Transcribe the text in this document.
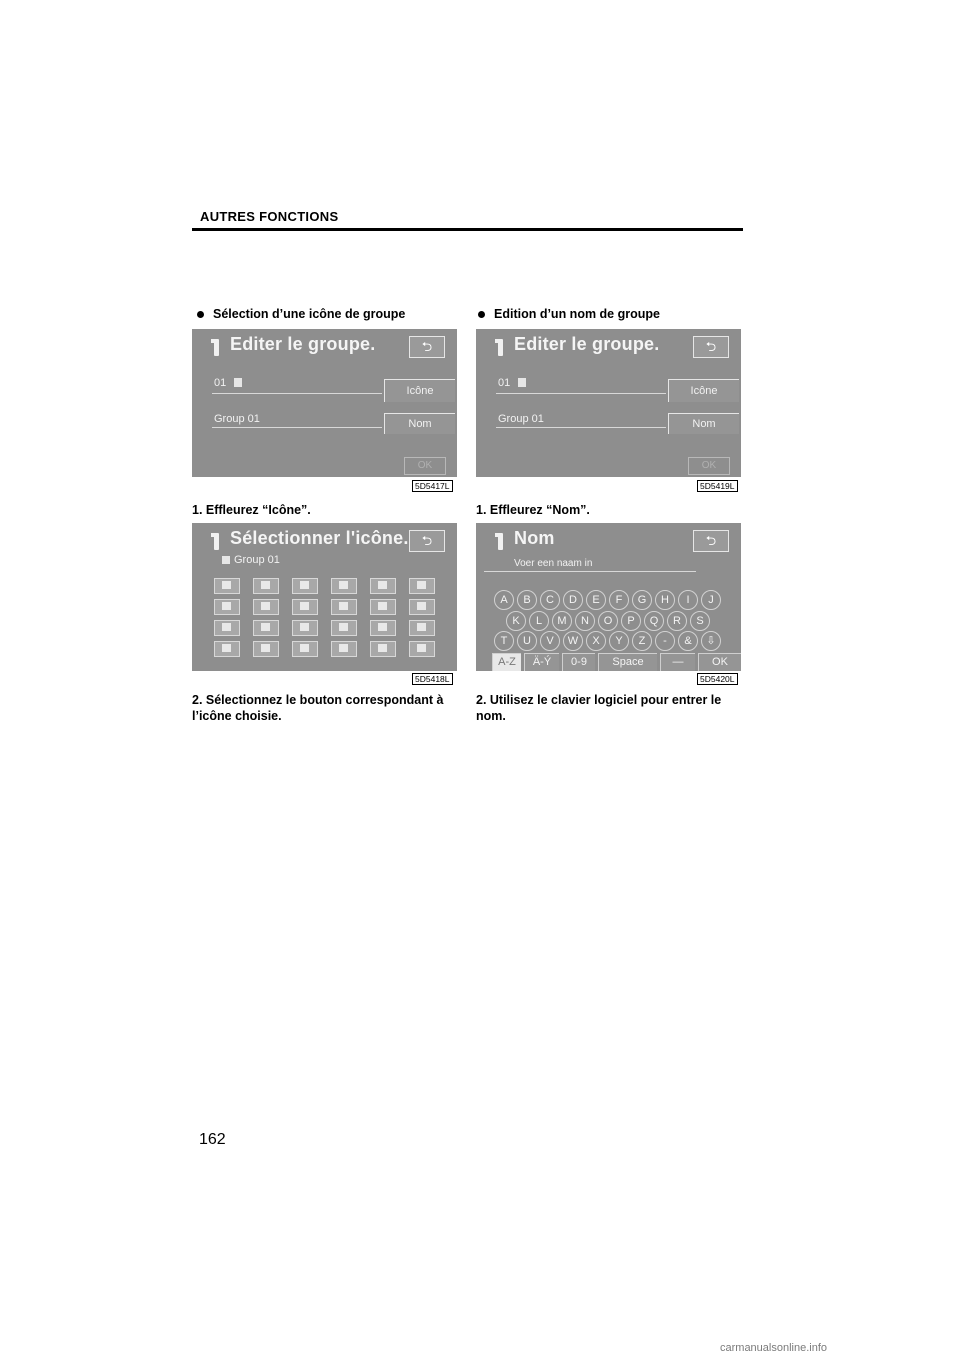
AUTRES FONCTIONS
Sélection d’une icône de groupe
Editer le groupe.	⮌
01
Icône
Group 01	Nom
OK
5D5417L
1. Effleurez “Icône”.
Sélectionner l'icône.	⮌
Group 01
5D5418L
2. Sélectionnez le bouton correspondant à
l’icône choisie.
Edition d’un nom de groupe
Editer le groupe.	⮌
01
Icône
Group 01	Nom
OK
5D5419L
1. Effleurez “Nom”.
Nom	⮌
Voer een naam in
A	B	C	D	E	F	G	H	I	J
K	L	M	N	O	P	Q	R	S
T	U	V	W	X	Y	Z	-	&	⇩
A-Z	Ä-Ý	0-9	Space	—	OK
5D5420L
2. Utilisez le clavier logiciel pour entrer le
nom.
162
carmanualsonline.info
